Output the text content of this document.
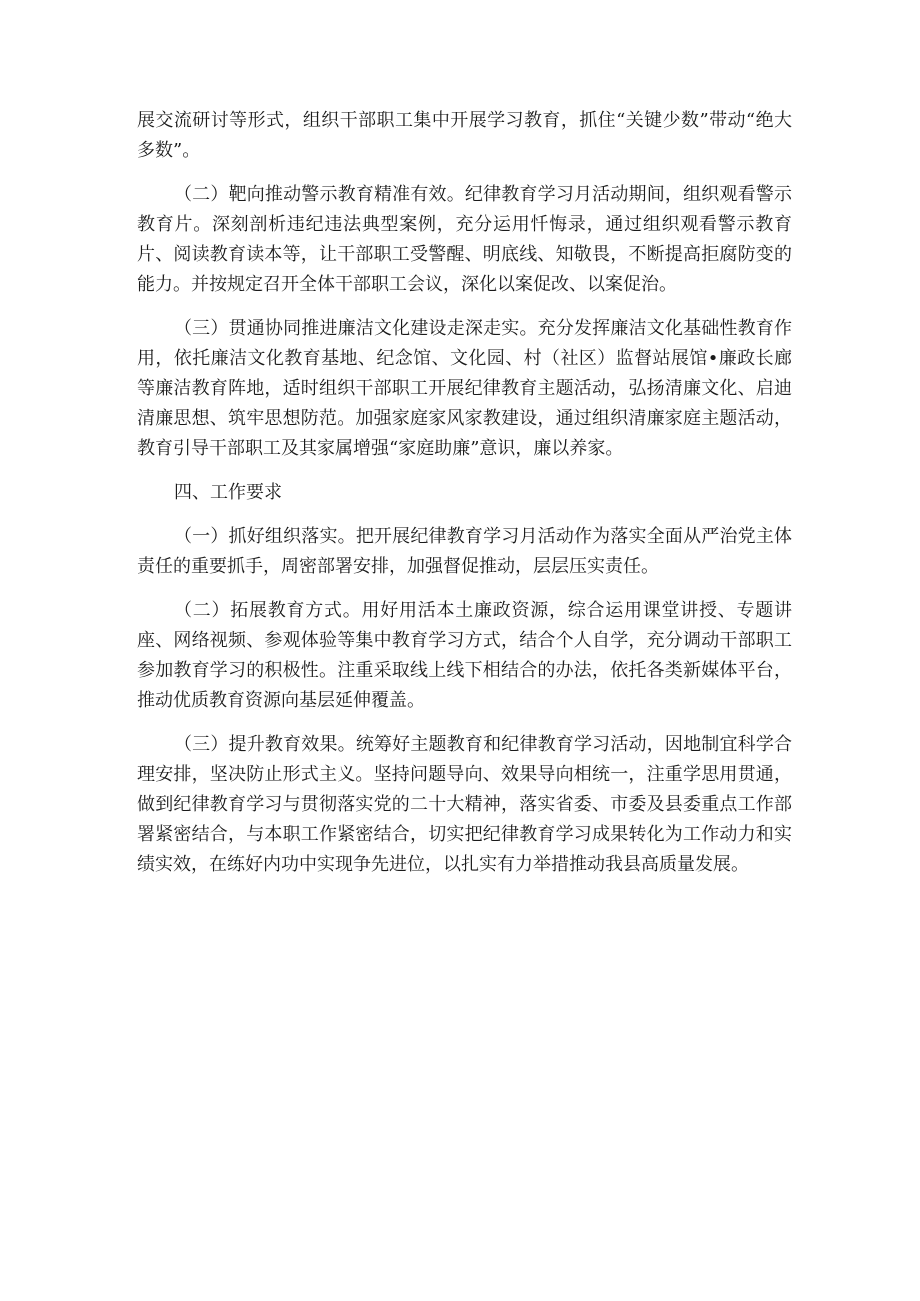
展交流研讨等形式，组织干部职工集中开展学习教育，抓住“关键少数”带动“绝大多数”。

（二）靶向推动警示教育精准有效。纪律教育学习月活动期间，组织观看警示教育片。深刻剖析违纪违法典型案例，充分运用忏悔录，通过组织观看警示教育片、阅读教育读本等，让干部职工受警醒、明底线、知敬畏，不断提高拒腐防变的能力。并按规定召开全体干部职工会议，深化以案促改、以案促治。

（三）贯通协同推进廉洁文化建设走深走实。充分发挥廉洁文化基础性教育作用，依托廉洁文化教育基地、纪念馆、文化园、村（社区）监督站展馆•廉政长廊等廉洁教育阵地，适时组织干部职工开展纪律教育主题活动，弘扬清廉文化、启迪清廉思想、筑牢思想防范。加强家庭家风家教建设，通过组织清廉家庭主题活动，教育引导干部职工及其家属增强“家庭助廉”意识，廉以养家。

四、工作要求

（一）抓好组织落实。把开展纪律教育学习月活动作为落实全面从严治党主体责任的重要抓手，周密部署安排，加强督促推动，层层压实责任。

（二）拓展教育方式。用好用活本土廉政资源，综合运用课堂讲授、专题讲座、网络视频、参观体验等集中教育学习方式，结合个人自学，充分调动干部职工参加教育学习的积极性。注重采取线上线下相结合的办法，依托各类新媒体平台，推动优质教育资源向基层延伸覆盖。

（三）提升教育效果。统筹好主题教育和纪律教育学习活动，因地制宜科学合理安排，坚决防止形式主义。坚持问题导向、效果导向相统一，注重学思用贯通，做到纪律教育学习与贯彻落实党的二十大精神，落实省委、市委及县委重点工作部署紧密结合，与本职工作紧密结合，切实把纪律教育学习成果转化为工作动力和实绩实效，在练好内功中实现争先进位，以扎实有力举措推动我县高质量发展。
